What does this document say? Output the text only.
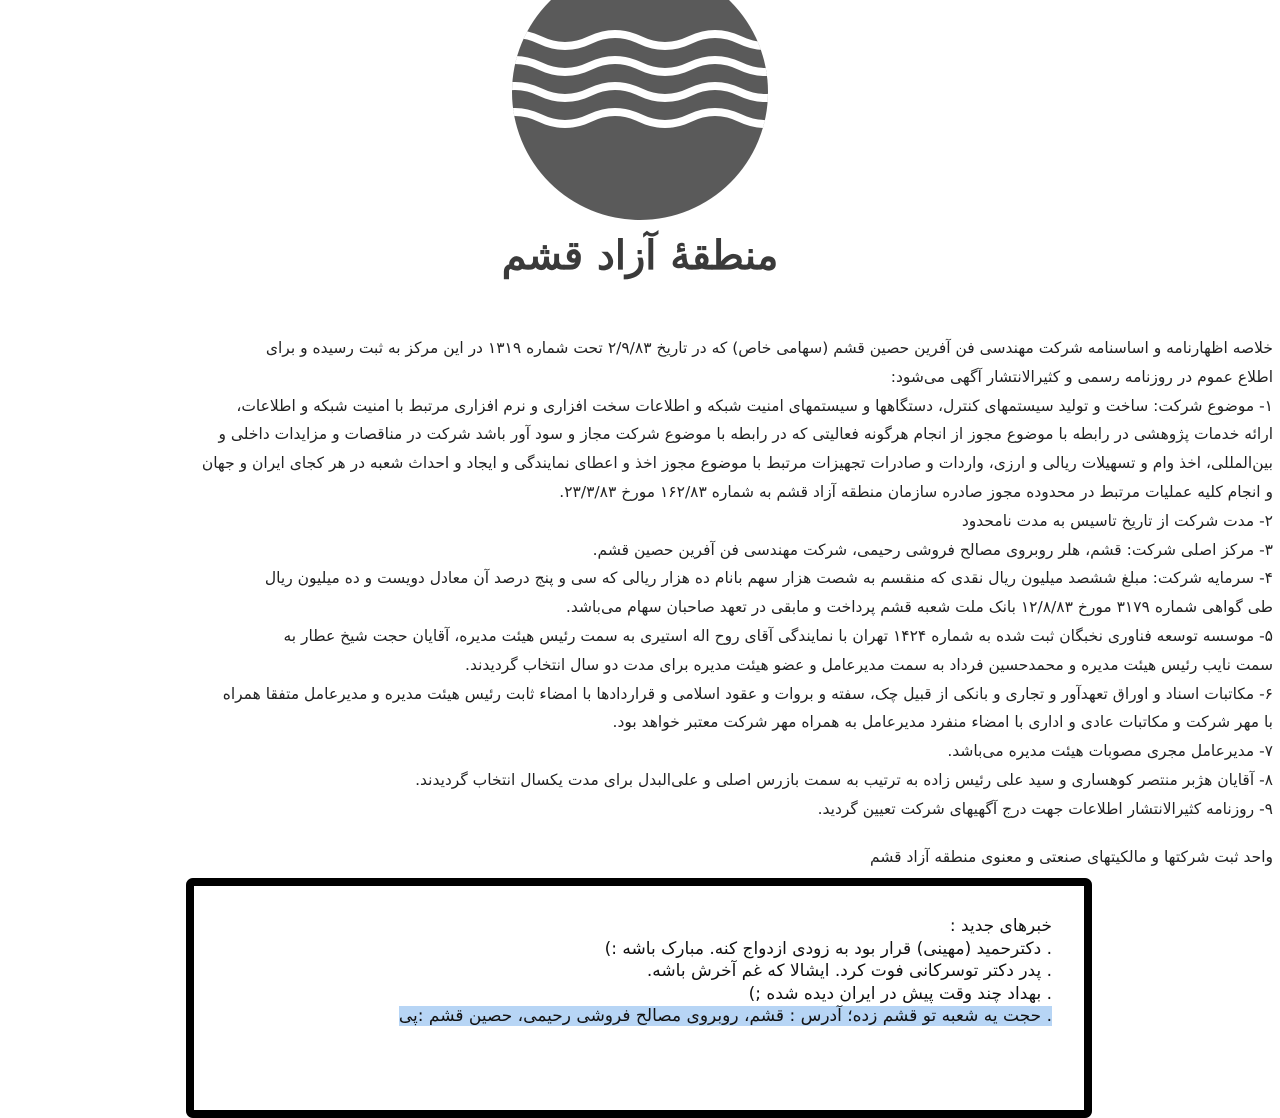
منطقهٔ آزاد قشم

خلاصه اظهارنامه و اساسنامه شرکت مهندسی فن آفرین حصین قشم (سهامی خاص) که در تاریخ ۲/۹/۸۳ تحت شماره ۱۳۱۹ در این مرکز به ثبت رسیده و برای

اطلاع عموم در روزنامه رسمی و کثیرالانتشار آگهی می‌شود:

۱- موضوع شرکت: ساخت و تولید سیستمهای کنترل، دستگاهها و سیستمهای امنیت شبکه و اطلاعات سخت افزاری و نرم افزاری مرتبط با امنیت شبکه و اطلاعات،

ارائه خدمات پژوهشی در رابطه با موضوع مجوز از انجام هرگونه فعالیتی که در رابطه با موضوع شرکت مجاز و سود آور باشد شرکت در مناقصات و مزایدات داخلی و

بین‌المللی، اخذ وام و تسهیلات ریالی و ارزی، واردات و صادرات تجهیزات مرتبط با موضوع مجوز اخذ و اعطای نمایندگی و ایجاد و احداث شعبه در هر کجای ایران و جهان

و انجام کلیه عملیات مرتبط در محدوده مجوز صادره سازمان منطقه آزاد قشم به شماره ۱۶۲/۸۳ مورخ ۲۳/۳/۸۳.

۲- مدت شرکت از تاریخ تاسیس به مدت نامحدود

۳- مرکز اصلی شرکت: قشم، هلر روبروی مصالح فروشی رحیمی، شرکت مهندسی فن آفرین حصین قشم.

۴- سرمایه شرکت: مبلغ ششصد میلیون ریال نقدی که منقسم به شصت هزار سهم بانام ده هزار ریالی که سی و پنج درصد آن معادل دویست و ده میلیون ریال

طی گواهی شماره ۳۱۷۹ مورخ ۱۲/۸/۸۳ بانک ملت شعبه قشم پرداخت و مابقی در تعهد صاحبان سهام می‌باشد.

۵- موسسه توسعه فناوری نخبگان ثبت شده به شماره ۱۴۲۴ تهران با نمایندگی آقای روح اله استیری به سمت رئیس هیئت مدیره، آقایان حجت شیخ عطار به

سمت نایب رئیس هیئت مدیره و محمدحسین فرداد به سمت مدیرعامل و عضو هیئت مدیره برای مدت دو سال انتخاب گردیدند.

۶- مکاتبات اسناد و اوراق تعهدآور و تجاری و بانکی از قبیل چک، سفته و بروات و عقود اسلامی و قراردادها با امضاء ثابت رئیس هیئت مدیره و مدیرعامل متفقا همراه

با مهر شرکت و مکاتبات عادی و اداری با امضاء منفرد مدیرعامل به همراه مهر شرکت معتبر خواهد بود.

۷- مدیرعامل مجری مصوبات هیئت مدیره می‌باشد.

۸- آقایان هژبر منتصر کوهساری و سید علی رئیس زاده به ترتیب به سمت بازرس اصلی و علی‌البدل برای مدت یکسال انتخاب گردیدند.

۹- روزنامه کثیرالانتشار اطلاعات جهت درج آگهیهای شرکت تعیین گردید.

واحد ثبت شرکتها و مالکیتهای صنعتی و معنوی منطقه آزاد قشم
خبرهای جدید :
. دکترحمید (مهینی) قرار بود به زودی ازدواج کنه. مبارک باشه :)
. پدر دکتر توسرکانی فوت کرد. ایشالا که غم آخرش باشه.
. بهداد چند وقت پیش در ایران دیده شده ;)
. حجت یه شعبه تو قشم زده؛ آدرس : قشم، روبروی مصالح فروشی رحیمی، حصین قشم :پی
